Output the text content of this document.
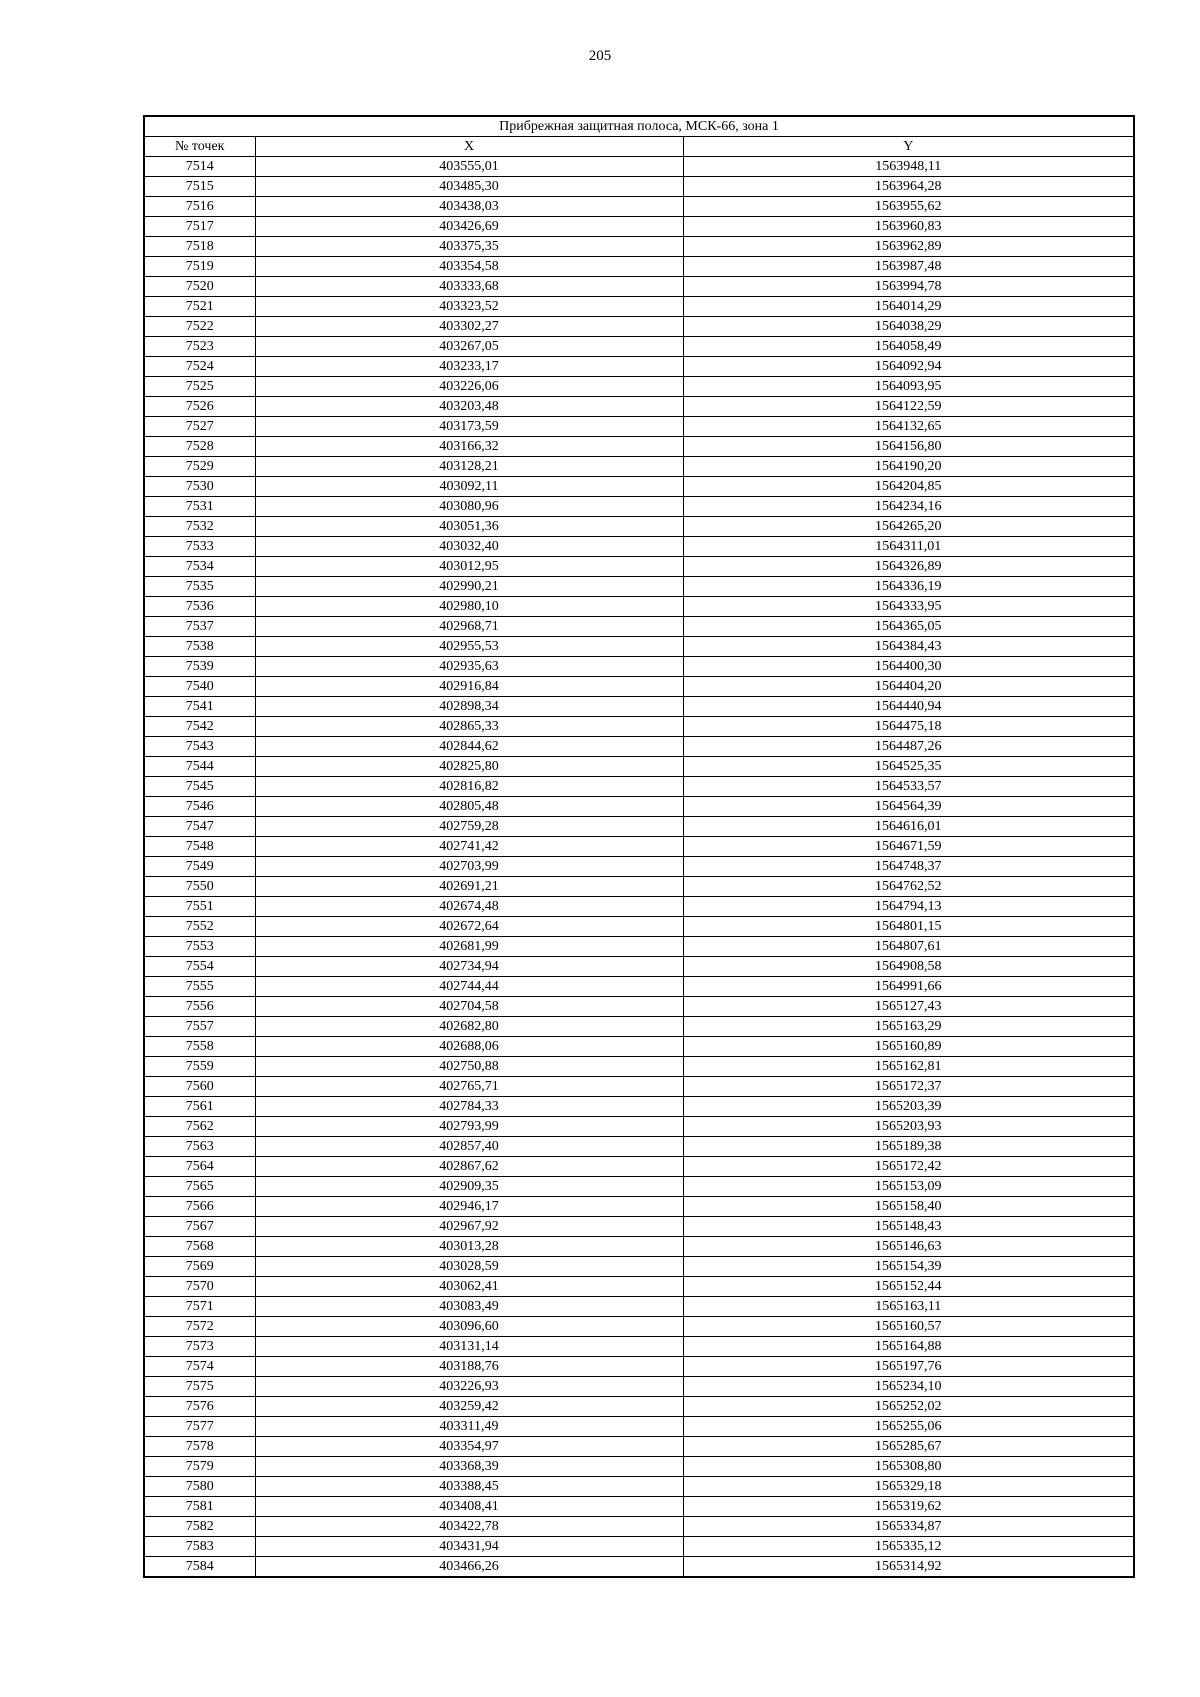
205
Прибрежная защитная полоса, МСК-66, зона 1		
№ точек	X	Y
7514	403555,01	1563948,11
7515	403485,30	1563964,28
7516	403438,03	1563955,62
7517	403426,69	1563960,83
7518	403375,35	1563962,89
7519	403354,58	1563987,48
7520	403333,68	1563994,78
7521	403323,52	1564014,29
7522	403302,27	1564038,29
7523	403267,05	1564058,49
7524	403233,17	1564092,94
7525	403226,06	1564093,95
7526	403203,48	1564122,59
7527	403173,59	1564132,65
7528	403166,32	1564156,80
7529	403128,21	1564190,20
7530	403092,11	1564204,85
7531	403080,96	1564234,16
7532	403051,36	1564265,20
7533	403032,40	1564311,01
7534	403012,95	1564326,89
7535	402990,21	1564336,19
7536	402980,10	1564333,95
7537	402968,71	1564365,05
7538	402955,53	1564384,43
7539	402935,63	1564400,30
7540	402916,84	1564404,20
7541	402898,34	1564440,94
7542	402865,33	1564475,18
7543	402844,62	1564487,26
7544	402825,80	1564525,35
7545	402816,82	1564533,57
7546	402805,48	1564564,39
7547	402759,28	1564616,01
7548	402741,42	1564671,59
7549	402703,99	1564748,37
7550	402691,21	1564762,52
7551	402674,48	1564794,13
7552	402672,64	1564801,15
7553	402681,99	1564807,61
7554	402734,94	1564908,58
7555	402744,44	1564991,66
7556	402704,58	1565127,43
7557	402682,80	1565163,29
7558	402688,06	1565160,89
7559	402750,88	1565162,81
7560	402765,71	1565172,37
7561	402784,33	1565203,39
7562	402793,99	1565203,93
7563	402857,40	1565189,38
7564	402867,62	1565172,42
7565	402909,35	1565153,09
7566	402946,17	1565158,40
7567	402967,92	1565148,43
7568	403013,28	1565146,63
7569	403028,59	1565154,39
7570	403062,41	1565152,44
7571	403083,49	1565163,11
7572	403096,60	1565160,57
7573	403131,14	1565164,88
7574	403188,76	1565197,76
7575	403226,93	1565234,10
7576	403259,42	1565252,02
7577	403311,49	1565255,06
7578	403354,97	1565285,67
7579	403368,39	1565308,80
7580	403388,45	1565329,18
7581	403408,41	1565319,62
7582	403422,78	1565334,87
7583	403431,94	1565335,12
7584	403466,26	1565314,92
